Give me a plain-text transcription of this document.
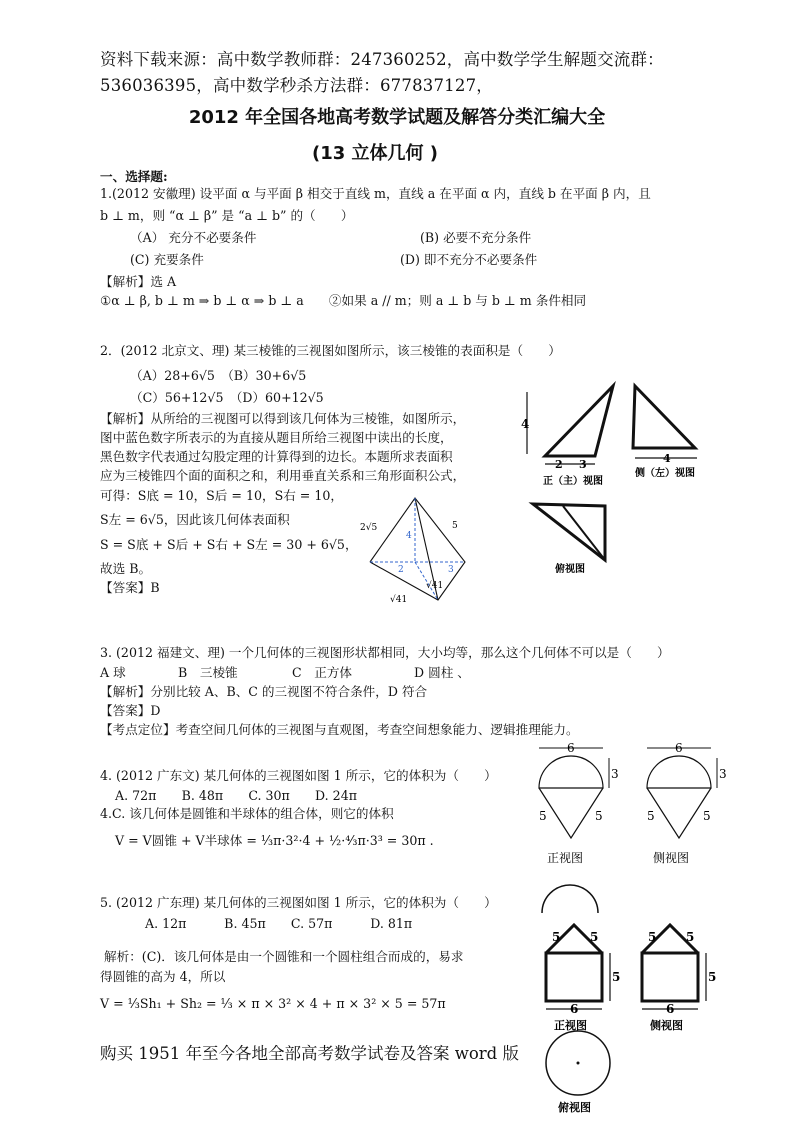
资料下载来源：高中数学教师群：247360252，高中数学学生解题交流群：
536036395，高中数学秒杀方法群：677837127，
2012 年全国各地高考数学试题及解答分类汇编大全
(13 立体几何 )
一、选择题:
1.(2012 安徽理) 设平面 α 与平面 β 相交于直线 m，直线 a 在平面 α 内，直线 b 在平面 β 内，且
b ⊥ m，则 “α ⊥ β” 是 “a ⊥ b” 的（　　）
（A） 充分不必要条件	(B) 必要不充分条件
(C) 充要条件	(D) 即不充分不必要条件
【解析】选 A
①α ⊥ β, b ⊥ m ⇒ b ⊥ α ⇒ b ⊥ a　　②如果 a // m；则 a ⊥ b 与 b ⊥ m 条件相同
2．(2012 北京文、理) 某三棱锥的三视图如图所示，该三棱锥的表面积是（　　）
（A）28+6√5　（B）30+6√5
（C）56+12√5　（D）60+12√5
【解析】从所给的三视图可以得到该几何体为三棱锥，如图所示，
图中蓝色数字所表示的为直接从题目所给三视图中读出的长度，
黑色数字代表通过勾股定理的计算得到的边长。本题所求表面积
应为三棱锥四个面的面积之和，利用垂直关系和三角形面积公式，
可得：S底 = 10，S后 = 10，S右 = 10，
S左 = 6√5，因此该几何体表面积
S = S底 + S后 + S右 + S左 = 30 + 6√5，
故选 B。
【答案】B
4
2 3	4
正（主）视图
侧（左）视图
俯视图
2√5	5
4
2	3
√41
√41
3. (2012 福建文、理) 一个几何体的三视图形状都相同，大小均等，那么这个几何体不可以是（　　）
A 球	B　三棱锥	C　正方体	D 圆柱 、
【解析】分别比较 A、B、C 的三视图不符合条件，D 符合
【答案】D
【考点定位】考查空间几何体的三视图与直观图，考查空间想象能力、逻辑推理能力。
4. (2012 广东文) 某几何体的三视图如图 1 所示，它的体积为（　　）
A. 72π　　B. 48π　　C. 30π　　D. 24π
4.C. 该几何体是圆锥和半球体的组合体，则它的体积
V = V圆锥 + V半球体 = ⅓π·3²·4 + ½·⁴⁄₃π·3³ = 30π .
6
3
5	5
6
3
5	5
正视图	侧视图
5. (2012 广东理) 某几何体的三视图如图 1 所示，它的体积为（　　）
A. 12π　　　B. 45π　　C. 57π　　　D. 81π
解析：(C)．该几何体是由一个圆锥和一个圆柱组合而成的，易求
得圆锥的高为 4，所以
V = ⅓Sh₁ + Sh₂ = ⅓ × π × 3² × 4 + π × 3² × 5 = 57π
5 5	5 5
5	5
6	6
正视图	侧视图
俯视图
购买 1951 年至今各地全部高考数学试卷及答案 word 版
